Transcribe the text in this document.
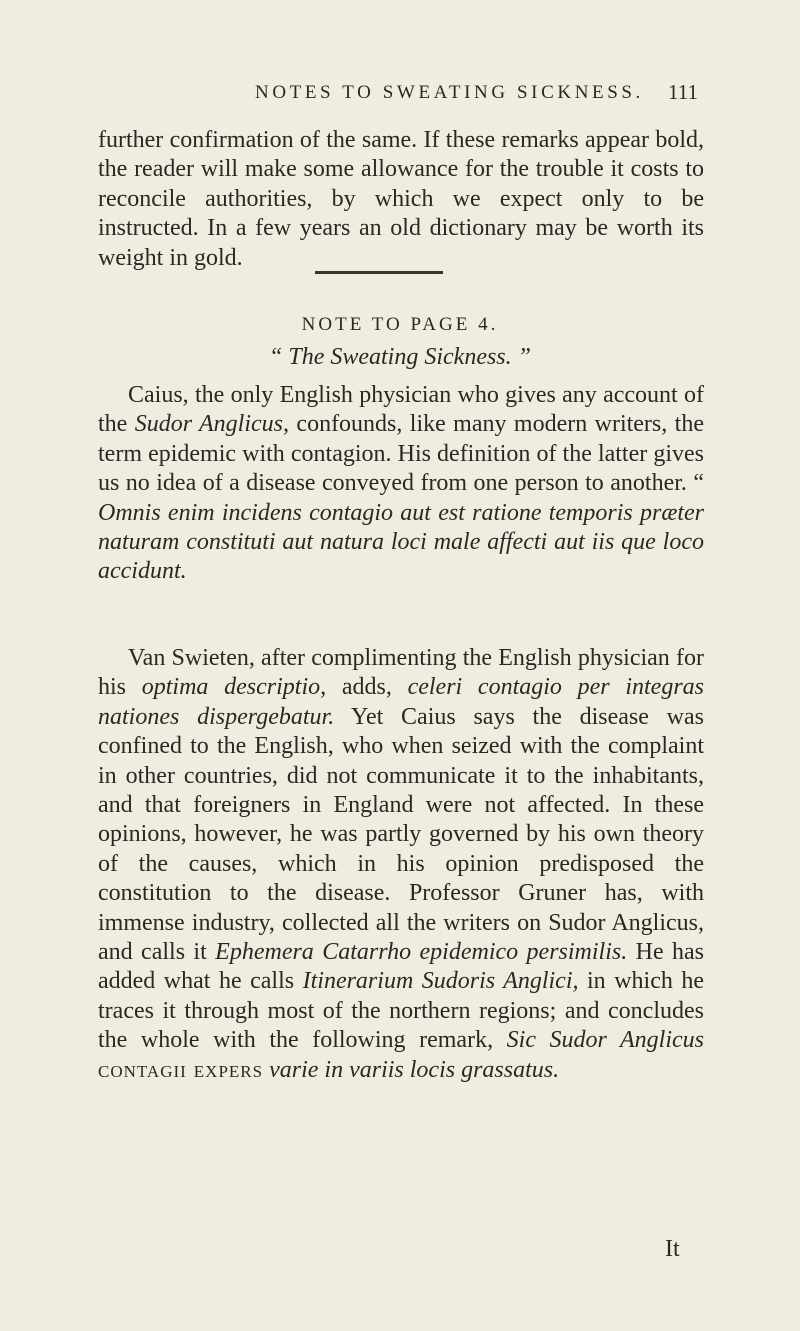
NOTES TO SWEATING SICKNESS. 111

further confirmation of the same. If these remarks appear bold, the reader will make some allowance for the trouble it costs to reconcile authorities, by which we expect only to be instructed. In a few years an old dictionary may be worth its weight in gold.

NOTE TO PAGE 4.
“ The Sweating Sickness. ”

Caius, the only English physician who gives any account of the Sudor Anglicus, confounds, like many modern writers, the term epidemic with contagion. His definition of the latter gives us no idea of a disease conveyed from one person to another. “ Omnis enim incidens contagio aut est ratione temporis præter naturam constituti aut natura loci male affecti aut iis que loco accidunt.

Van Swieten, after complimenting the English physician for his optima descriptio, adds, celeri contagio per integras nationes dispergebatur. Yet Caius says the disease was confined to the English, who when seized with the complaint in other countries, did not communicate it to the inhabitants, and that foreigners in England were not affected. In these opinions, however, he was partly governed by his own theory of the causes, which in his opinion predisposed the constitution to the disease. Professor Gruner has, with immense industry, collected all the writers on Sudor Anglicus, and calls it Ephemera Catarrho epidemico persimilis. He has added what he calls Itinerarium Sudoris Anglici, in which he traces it through most of the northern regions; and concludes the whole with the following remark, Sic Sudor Anglicus contagii expers varie in variis locis grassatus.

It
